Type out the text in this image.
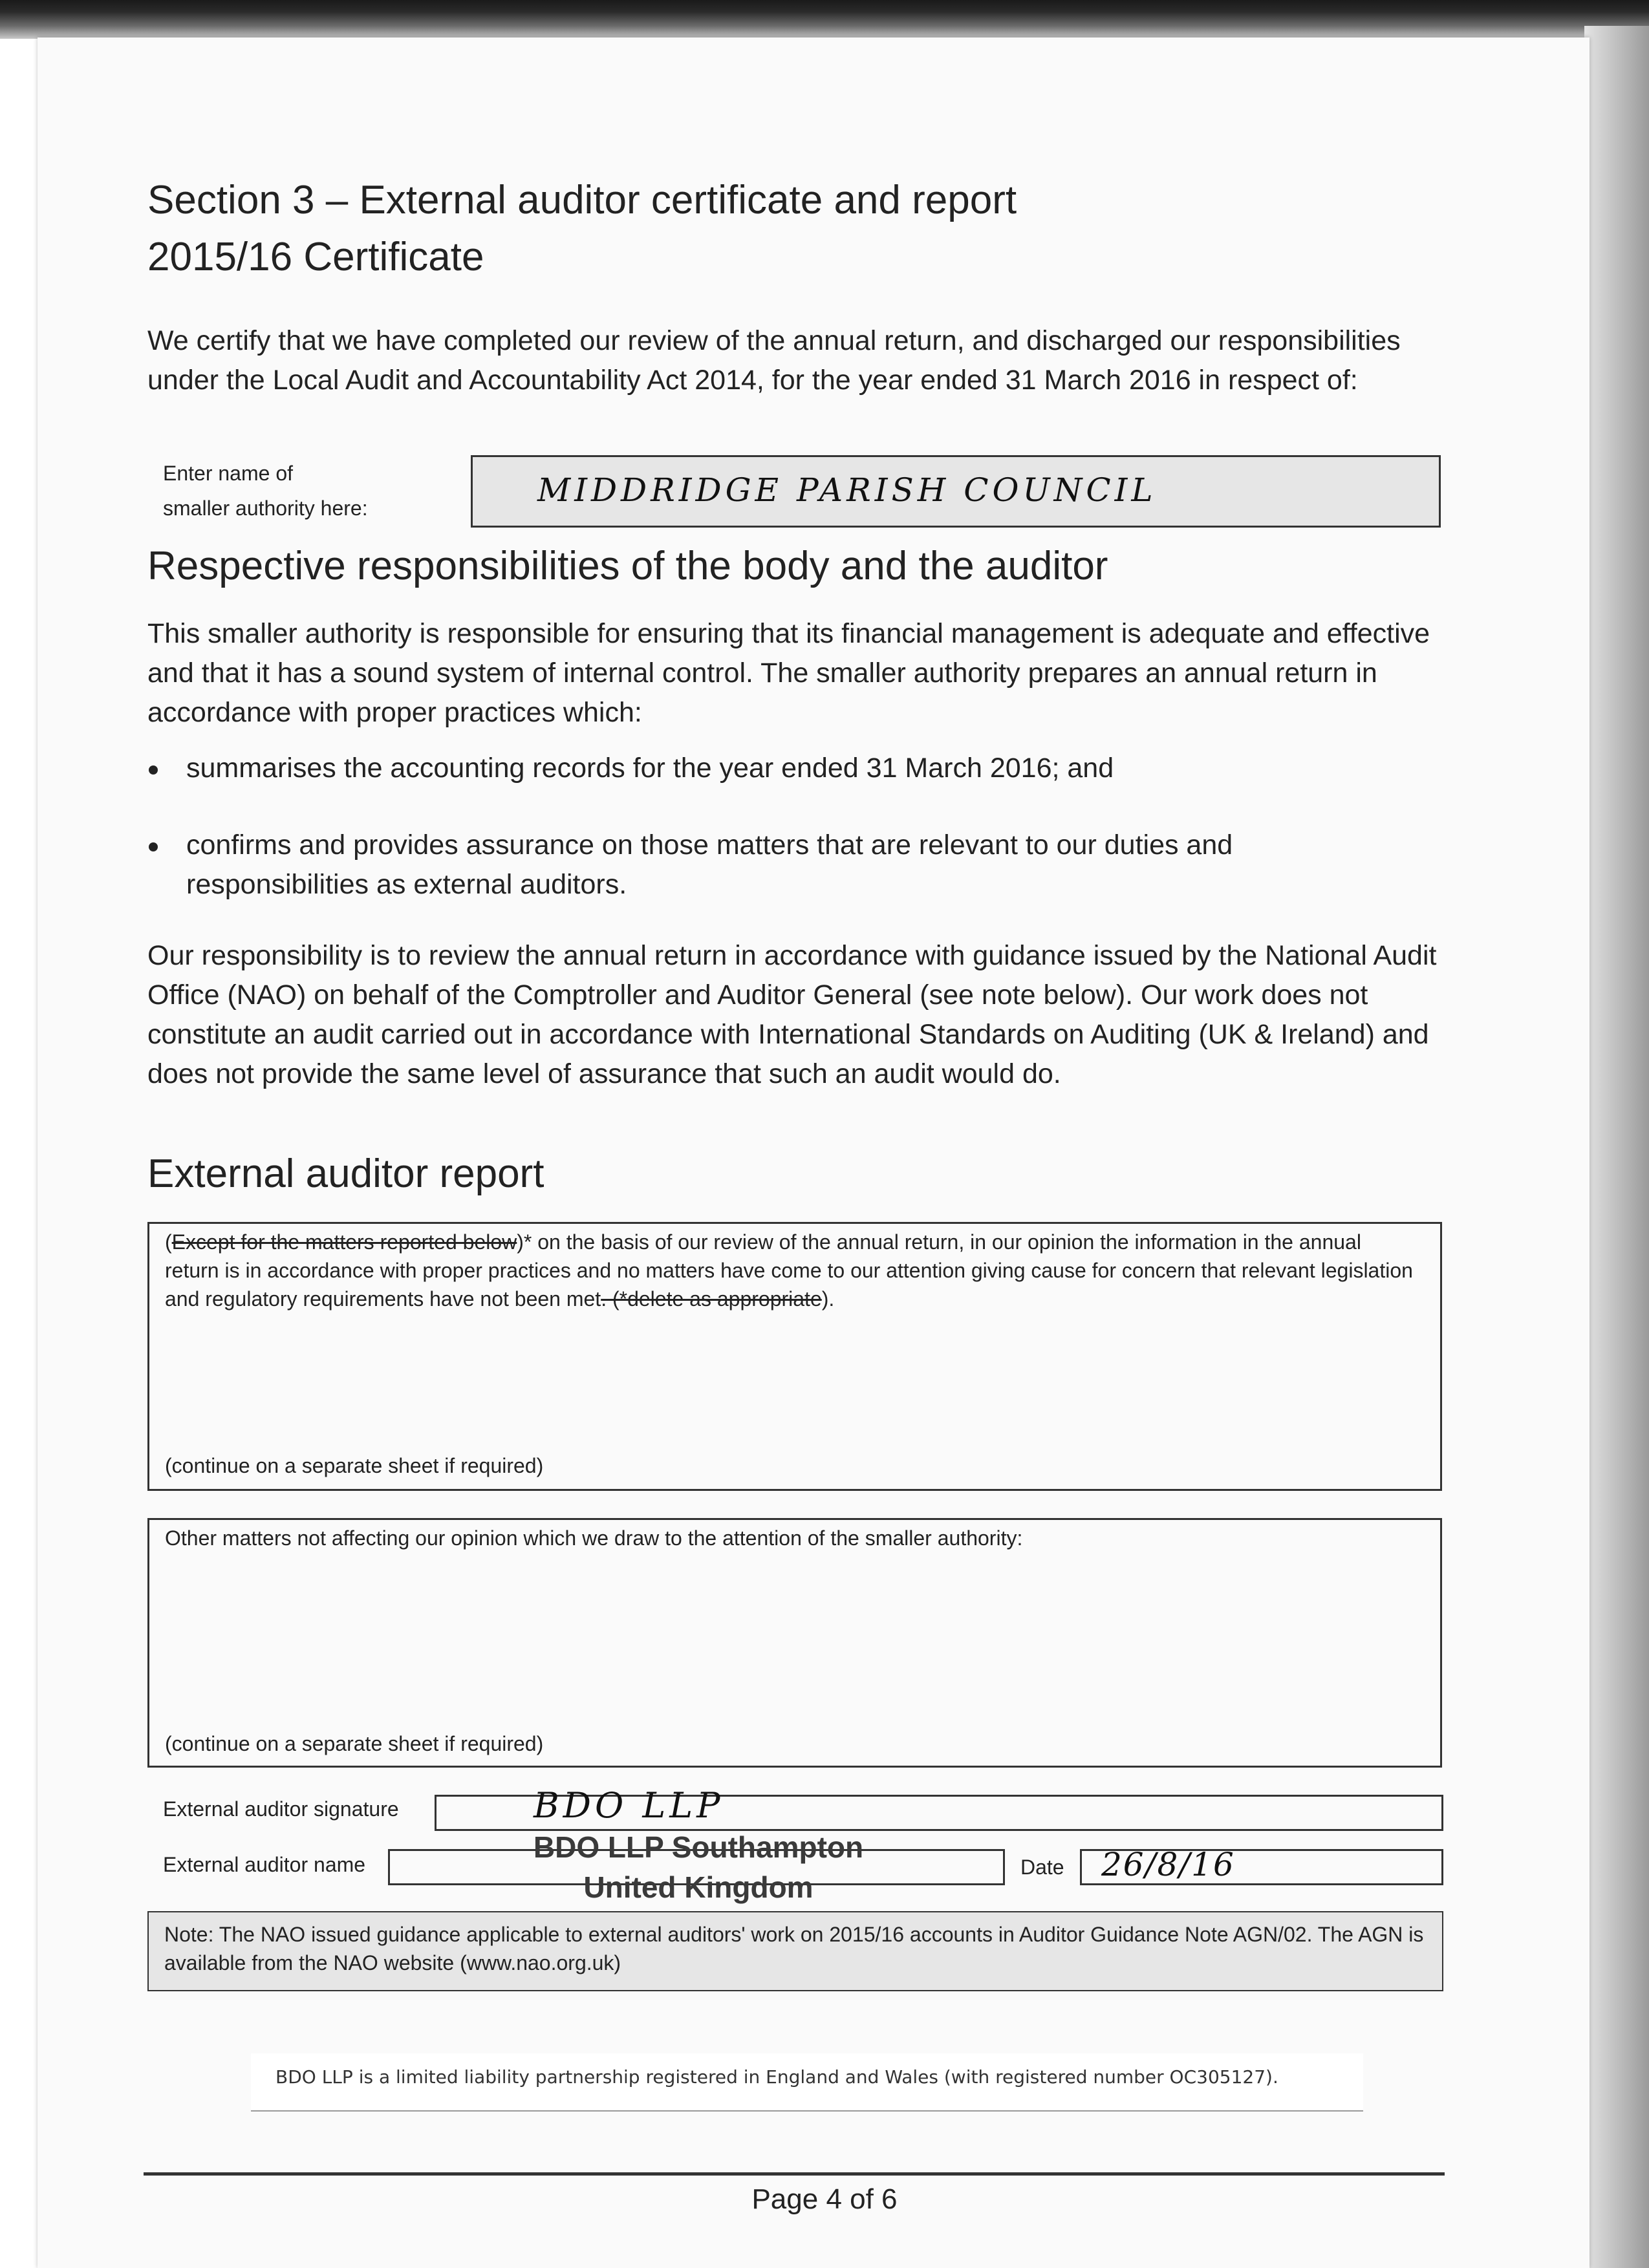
Section 3 – External auditor certificate and report
2015/16 Certificate
We certify that we have completed our review of the annual return, and discharged our responsibilities under the Local Audit and Accountability Act 2014, for the year ended 31 March 2016 in respect of:
Enter name of
smaller authority here:	MIDDRIDGE PARISH COUNCIL
Respective responsibilities of the body and the auditor
This smaller authority is responsible for ensuring that its financial management is adequate and effective and that it has a sound system of internal control. The smaller authority prepares an annual return in accordance with proper practices which:
summarises the accounting records for the year ended 31 March 2016; and
confirms and provides assurance on those matters that are relevant to our duties and responsibilities as external auditors.
Our responsibility is to review the annual return in accordance with guidance issued by the National Audit Office (NAO) on behalf of the Comptroller and Auditor General (see note below). Our work does not constitute an audit carried out in accordance with International Standards on Auditing (UK & Ireland) and does not provide the same level of assurance that such an audit would do.
External auditor report
(Except for the matters reported below)* on the basis of our review of the annual return, in our opinion the information in the annual return is in accordance with proper practices and no matters have come to our attention giving cause for concern that relevant legislation and regulatory requirements have not been met. (*delete as appropriate).
(continue on a separate sheet if required)
Other matters not affecting our opinion which we draw to the attention of the smaller authority:
(continue on a separate sheet if required)
External auditor signature	BDO LLP
External auditor name
BDO LLP Southampton
United Kingdom
Date 26/8/16
Note: The NAO issued guidance applicable to external auditors' work on 2015/16 accounts in Auditor Guidance Note AGN/02. The AGN is available from the NAO website (www.nao.org.uk)
BDO LLP is a limited liability partnership registered in England and Wales (with registered number OC305127).
Page 4 of 6
